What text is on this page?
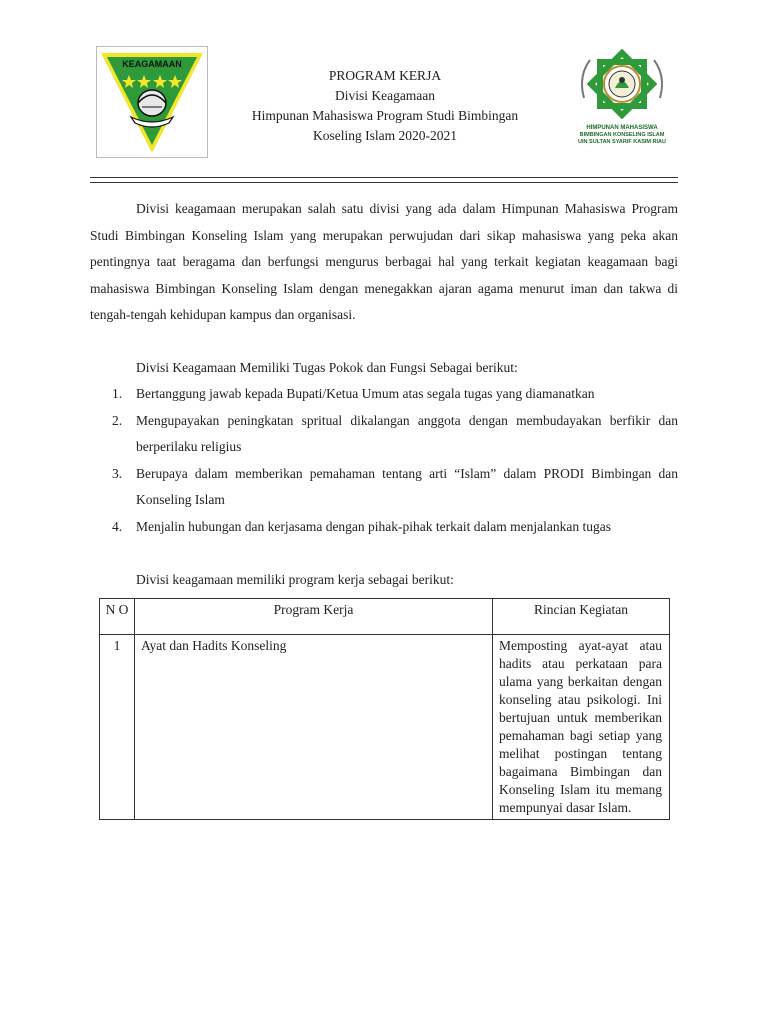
KEAGAMAAN
PROGRAM KERJA
Divisi Keagamaan
Himpunan Mahasiswa Program Studi Bimbingan
Koseling Islam 2020-2021	HIMPUNAN MAHASISWA
BIMBINGAN KONSELING ISLAM
UIN SULTAN SYARIF KASIM RIAU

Divisi keagamaan merupakan salah satu divisi yang ada dalam Himpunan Mahasiswa Program Studi Bimbingan Konseling Islam yang merupakan perwujudan dari sikap mahasiswa yang peka akan pentingnya taat beragama dan berfungsi mengurus berbagai hal yang terkait kegiatan keagamaan bagi mahasiswa Bimbingan Konseling Islam dengan menegakkan ajaran agama menurut iman dan takwa di tengah-tengah kehidupan kampus dan organisasi.

Divisi Keagamaan Memiliki Tugas Pokok dan Fungsi Sebagai berikut:
1. Bertanggung jawab kepada Bupati/Ketua Umum atas segala tugas yang diamanatkan
2. Mengupayakan peningkatan spritual dikalangan anggota dengan membudayakan berfikir dan berperilaku religius
3. Berupaya dalam memberikan pemahaman tentang arti “Islam” dalam PRODI Bimbingan dan Konseling Islam
4. Menjalin hubungan dan kerjasama dengan pihak-pihak terkait dalam menjalankan tugas
Divisi keagamaan memiliki program kerja sebagai berikut:
N O	Program Kerja	Rincian Kegiatan
1	Ayat dan Hadits Konseling	Memposting ayat-ayat atau hadits atau perkataan para ulama yang berkaitan dengan konseling atau psikologi. Ini bertujuan untuk memberikan pemahaman bagi setiap yang melihat postingan tentang bagaimana Bimbingan dan Konseling Islam itu memang mempunyai dasar Islam.
